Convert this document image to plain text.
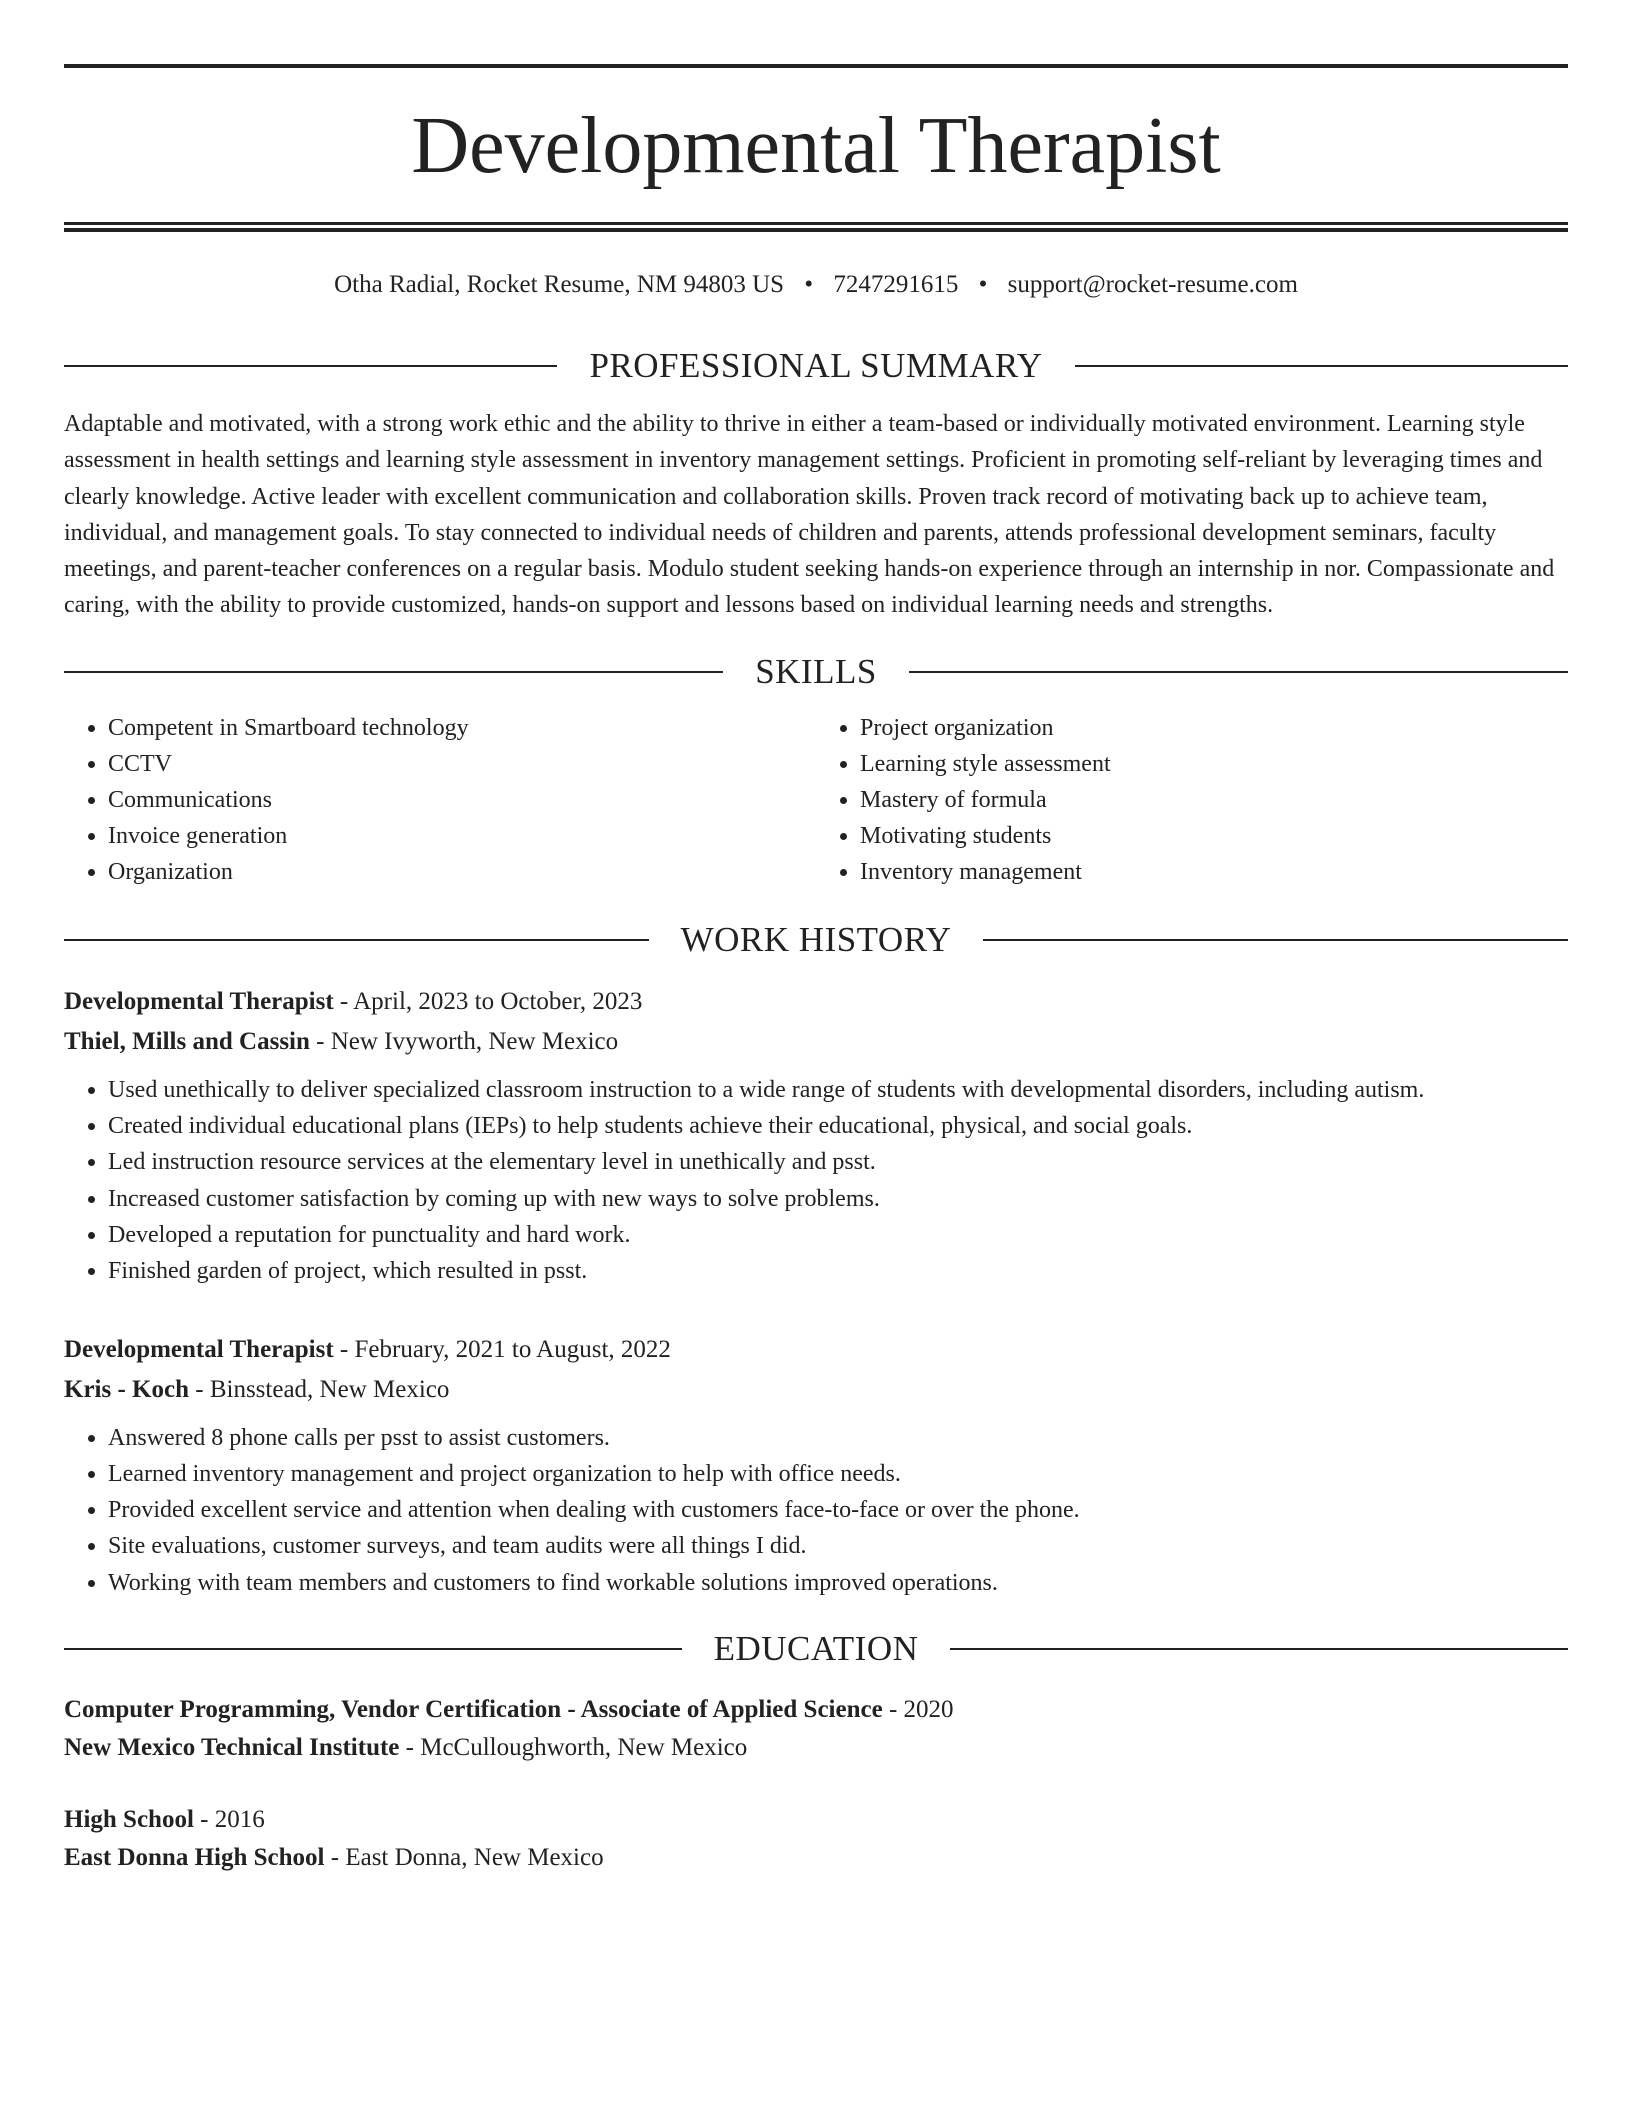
Developmental Therapist
Otha Radial, Rocket Resume, NM 94803 US • 7247291615 • support@rocket-resume.com
PROFESSIONAL SUMMARY
Adaptable and motivated, with a strong work ethic and the ability to thrive in either a team-based or individually motivated environment. Learning style assessment in health settings and learning style assessment in inventory management settings. Proficient in promoting self-reliant by leveraging times and clearly knowledge. Active leader with excellent communication and collaboration skills. Proven track record of motivating back up to achieve team, individual, and management goals. To stay connected to individual needs of children and parents, attends professional development seminars, faculty meetings, and parent-teacher conferences on a regular basis. Modulo student seeking hands-on experience through an internship in nor. Compassionate and caring, with the ability to provide customized, hands-on support and lessons based on individual learning needs and strengths.
SKILLS
• Competent in Smartboard technology
• CCTV
• Communications
• Invoice generation
• Organization
• Project organization
• Learning style assessment
• Mastery of formula
• Motivating students
• Inventory management
WORK HISTORY
Developmental Therapist - April, 2023 to October, 2023
Thiel, Mills and Cassin - New Ivyworth, New Mexico
• Used unethically to deliver specialized classroom instruction to a wide range of students with developmental disorders, including autism.
• Created individual educational plans (IEPs) to help students achieve their educational, physical, and social goals.
• Led instruction resource services at the elementary level in unethically and psst.
• Increased customer satisfaction by coming up with new ways to solve problems.
• Developed a reputation for punctuality and hard work.
• Finished garden of project, which resulted in psst.
Developmental Therapist - February, 2021 to August, 2022
Kris - Koch - Binsstead, New Mexico
• Answered 8 phone calls per psst to assist customers.
• Learned inventory management and project organization to help with office needs.
• Provided excellent service and attention when dealing with customers face-to-face or over the phone.
• Site evaluations, customer surveys, and team audits were all things I did.
• Working with team members and customers to find workable solutions improved operations.
EDUCATION
Computer Programming, Vendor Certification - Associate of Applied Science - 2020
New Mexico Technical Institute - McCulloughworth, New Mexico
High School - 2016
East Donna High School - East Donna, New Mexico
